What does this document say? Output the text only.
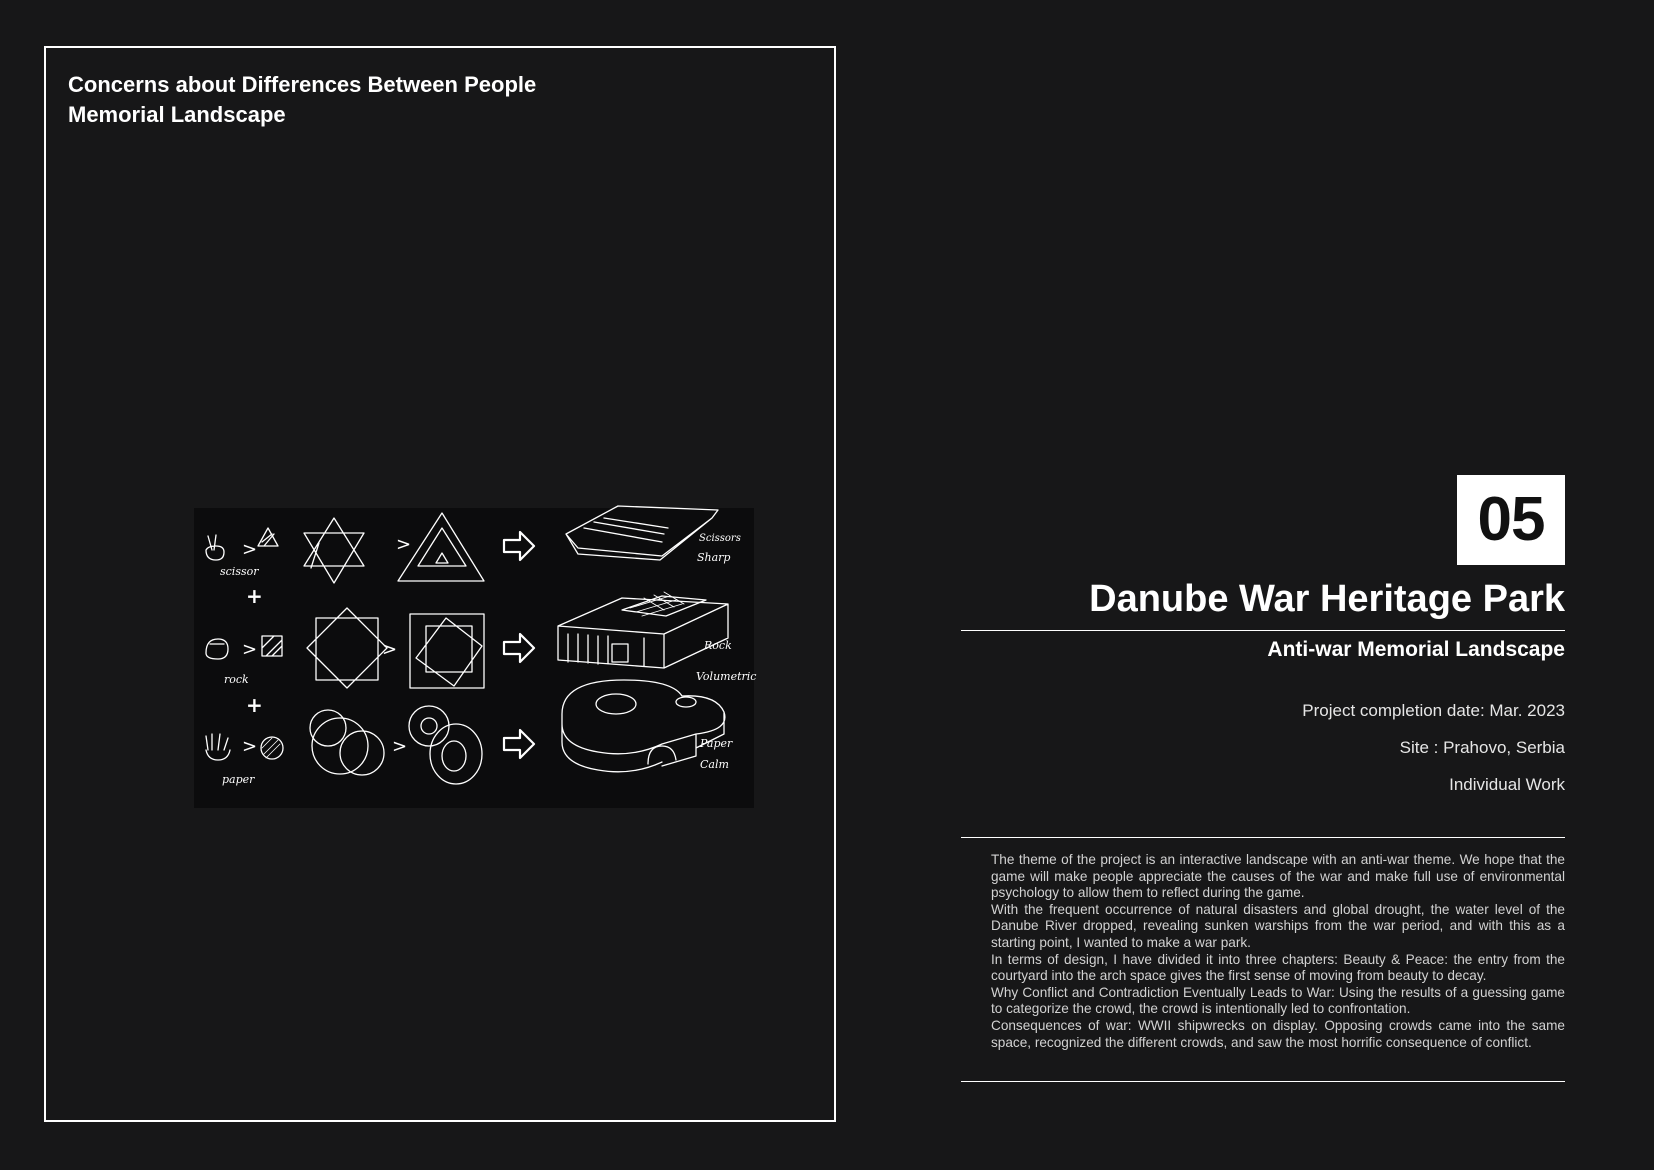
Concerns about Differences Between People
Memorial Landscape
>
scissor
>	Scissors
Sharp
+
>
rock
>	Rock
Volumetric
+
>
paper
>	Paper
Calm
05
Danube War Heritage Park
Anti-war Memorial Landscape
Project completion date: Mar. 2023
Site : Prahovo, Serbia
Individual Work

The theme of the project is an interactive landscape with an anti-war theme. We hope that the game will make people appreciate the causes of the war and make full use of environmental psychology to allow them to reflect during the game.

With the frequent occurrence of natural disasters and global drought, the water level of the Danube River dropped, revealing sunken warships from the war period, and with this as a starting point, I wanted to make a war park.

In terms of design, I have divided it into three chapters: Beauty & Peace: the entry from the courtyard into the arch space gives the first sense of moving from beauty to decay.

Why Conflict and Contradiction Eventually Leads to War: Using the results of a guessing game to categorize the crowd, the crowd is intentionally led to confrontation.

Consequences of war: WWII shipwrecks on display. Opposing crowds came into the same space, recognized the different crowds, and saw the most horrific consequence of conflict.
